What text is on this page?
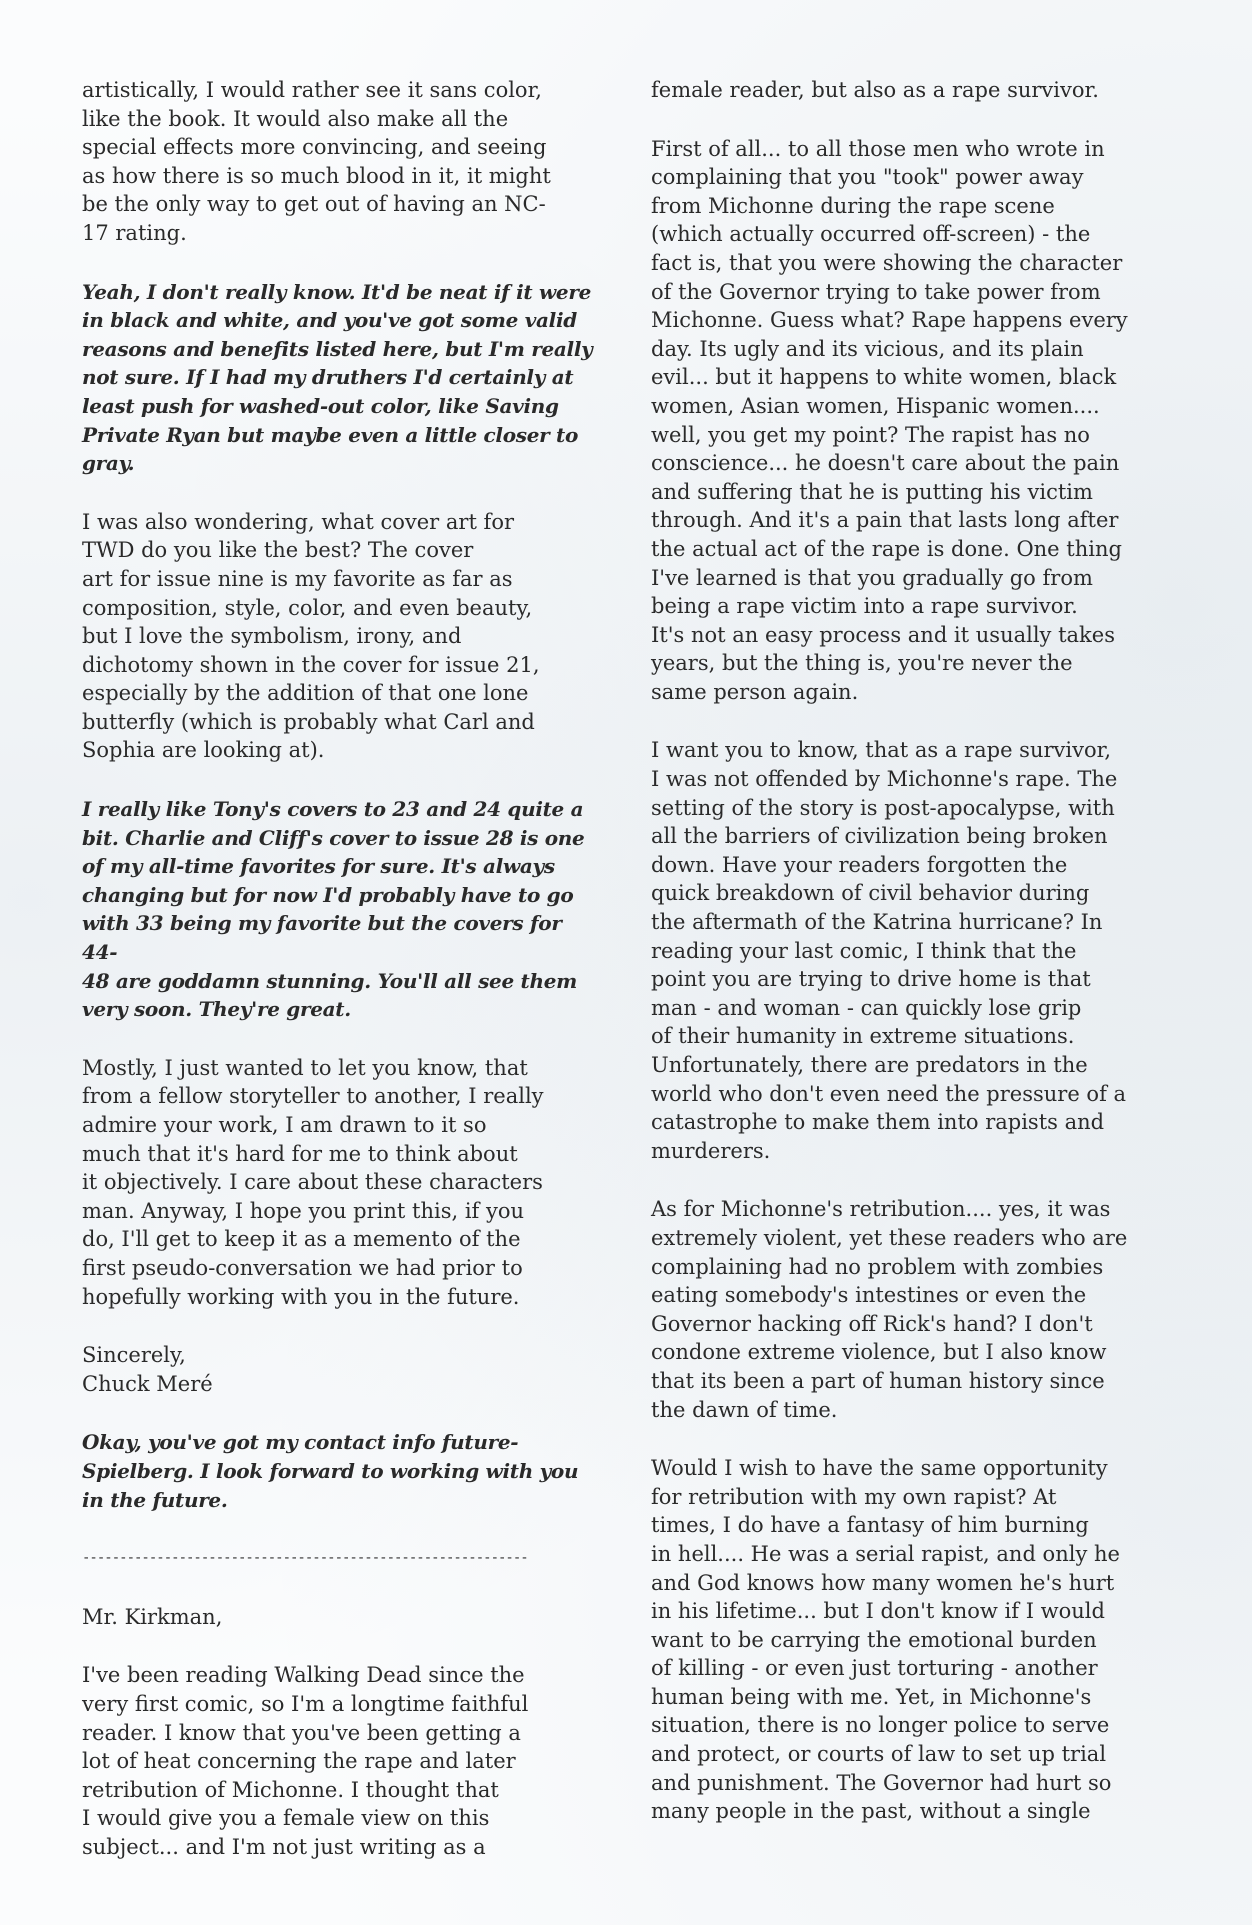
artistically, I would rather see it sans color,
like the book. It would also make all the
special effects more convincing, and seeing
as how there is so much blood in it, it might
be the only way to get out of having an NC-
17 rating.

Yeah, I don't really know. It'd be neat if it were
in black and white, and you've got some valid
reasons and benefits listed here, but I'm really
not sure. If I had my druthers I'd certainly at
least push for washed-out color, like Saving
Private Ryan but maybe even a little closer to
gray.

I was also wondering, what cover art for
TWD do you like the best? The cover
art for issue nine is my favorite as far as
composition, style, color, and even beauty,
but I love the symbolism, irony, and
dichotomy shown in the cover for issue 21,
especially by the addition of that one lone
butterfly (which is probably what Carl and
Sophia are looking at).

I really like Tony's covers to 23 and 24 quite a
bit. Charlie and Cliff's cover to issue 28 is one
of my all-time favorites for sure. It's always
changing but for now I'd probably have to go
with 33 being my favorite but the covers for 44-
48 are goddamn stunning. You'll all see them
very soon. They're great.

Mostly, I just wanted to let you know, that
from a fellow storyteller to another, I really
admire your work, I am drawn to it so
much that it's hard for me to think about
it objectively. I care about these characters
man. Anyway, I hope you print this, if you
do, I'll get to keep it as a memento of the
first pseudo-conversation we had prior to
hopefully working with you in the future.

Sincerely,
Chuck Meré

Okay, you've got my contact info future-
Spielberg. I look forward to working with you
in the future.

------------------------------------------------------------

Mr. Kirkman,

I've been reading Walking Dead since the
very first comic, so I'm a longtime faithful
reader. I know that you've been getting a
lot of heat concerning the rape and later
retribution of Michonne. I thought that
I would give you a female view on this
subject... and I'm not just writing as a

female reader, but also as a rape survivor.

First of all... to all those men who wrote in
complaining that you "took" power away
from Michonne during the rape scene
(which actually occurred off-screen) - the
fact is, that you were showing the character
of the Governor trying to take power from
Michonne. Guess what? Rape happens every
day. Its ugly and its vicious, and its plain
evil... but it happens to white women, black
women, Asian women, Hispanic women....
well, you get my point? The rapist has no
conscience... he doesn't care about the pain
and suffering that he is putting his victim
through. And it's a pain that lasts long after
the actual act of the rape is done. One thing
I've learned is that you gradually go from
being a rape victim into a rape survivor.
It's not an easy process and it usually takes
years, but the thing is, you're never the
same person again.

I want you to know, that as a rape survivor,
I was not offended by Michonne's rape. The
setting of the story is post-apocalypse, with
all the barriers of civilization being broken
down. Have your readers forgotten the
quick breakdown of civil behavior during
the aftermath of the Katrina hurricane? In
reading your last comic, I think that the
point you are trying to drive home is that
man - and woman - can quickly lose grip
of their humanity in extreme situations.
Unfortunately, there are predators in the
world who don't even need the pressure of a
catastrophe to make them into rapists and
murderers.

As for Michonne's retribution.... yes, it was
extremely violent, yet these readers who are
complaining had no problem with zombies
eating somebody's intestines or even the
Governor hacking off Rick's hand? I don't
condone extreme violence, but I also know
that its been a part of human history since
the dawn of time.

Would I wish to have the same opportunity
for retribution with my own rapist? At
times, I do have a fantasy of him burning
in hell.... He was a serial rapist, and only he
and God knows how many women he's hurt
in his lifetime... but I don't know if I would
want to be carrying the emotional burden
of killing - or even just torturing - another
human being with me. Yet, in Michonne's
situation, there is no longer police to serve
and protect, or courts of law to set up trial
and punishment. The Governor had hurt so
many people in the past, without a single
